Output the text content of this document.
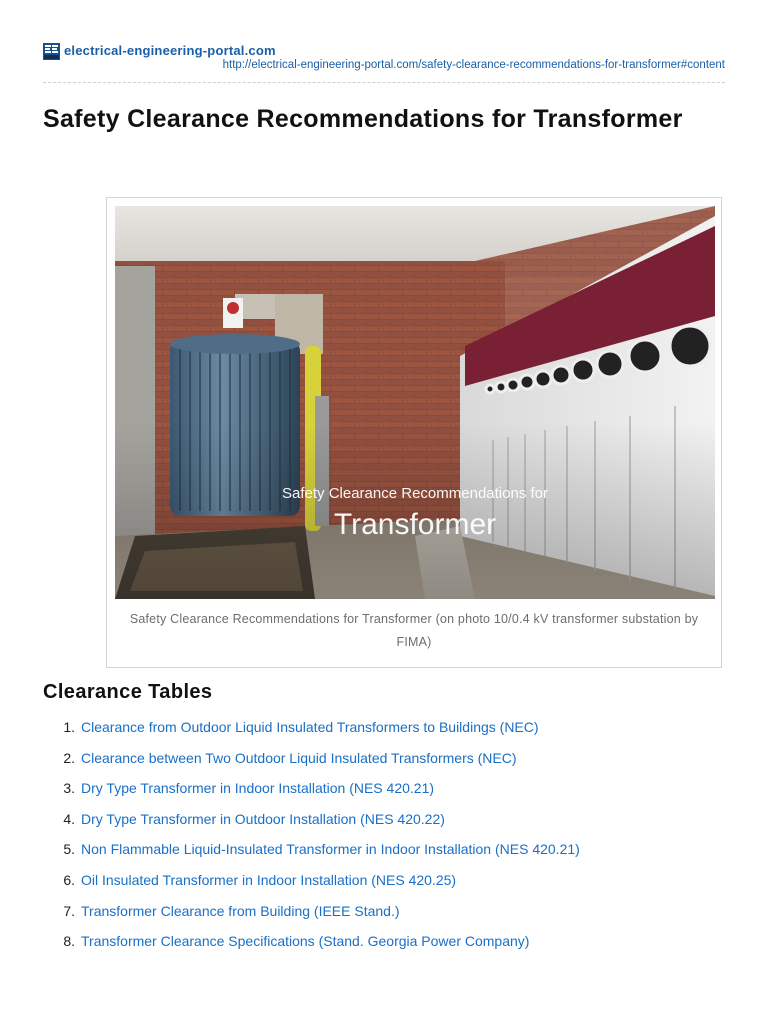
electrical-engineering-portal.com
http://electrical-engineering-portal.com/safety-clearance-recommendations-for-transformer#content
Safety Clearance Recommendations for Transformer
Safety Clearance Recommendations for
Transformer
Safety Clearance Recommendations for Transformer (on photo 10/0.4 kV transformer substation by FIMA)
Clearance Tables
1. Clearance from Outdoor Liquid Insulated Transformers to Buildings (NEC)
2. Clearance between Two Outdoor Liquid Insulated Transformers (NEC)
3. Dry Type Transformer in Indoor Installation (NES 420.21)
4. Dry Type Transformer in Outdoor Installation (NES 420.22)
5. Non Flammable Liquid-Insulated Transformer in Indoor Installation (NES 420.21)
6. Oil Insulated Transformer in Indoor Installation (NES 420.25)
7. Transformer Clearance from Building (IEEE Stand.)
8. Transformer Clearance Specifications (Stand. Georgia Power Company)
